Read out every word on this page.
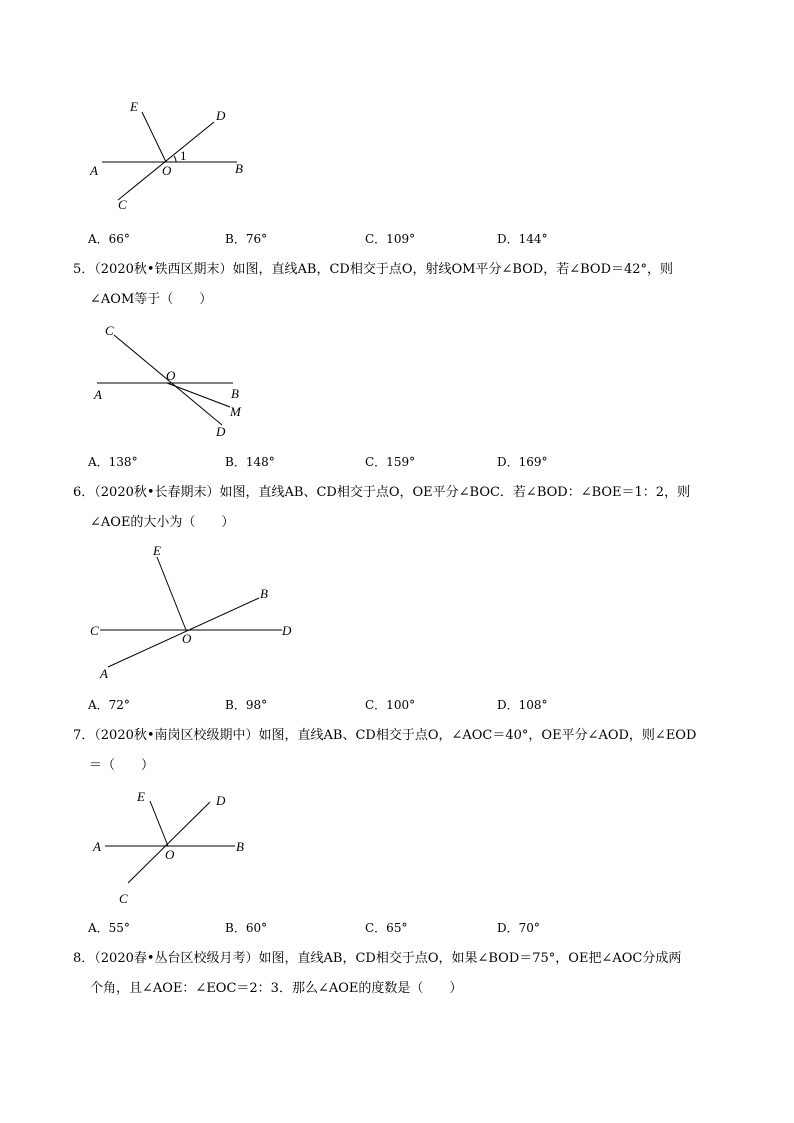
E
D
1
A	O	B
C
A．66°	B．76°	C．109°	D．144°
5．（2020秋•铁西区期末）如图，直线AB，CD相交于点O，射线OM平分∠BOD，若∠BOD＝42°，则
∠AOM等于（　　）
C
O
A	B
M
D
A．138°	B．148°	C．159°	D．169°
6．（2020秋•长春期末）如图，直线AB、CD相交于点O，OE平分∠BOC．若∠BOD：∠BOE＝1：2，则
∠AOE的大小为（　　）
E
B
C	D
O
A
A．72°	B．98°	C．100°	D．108°
7．（2020秋•南岗区校级期中）如图，直线AB、CD相交于点O，∠AOC＝40°，OE平分∠AOD，则∠EOD
＝（　　）
E	D
A
O
B
C
A．55°	B．60°	C．65°	D．70°
8．（2020春•丛台区校级月考）如图，直线AB，CD相交于点O，如果∠BOD＝75°，OE把∠AOC分成两
个角，且∠AOE：∠EOC＝2：3．那么∠AOE的度数是（　　）
